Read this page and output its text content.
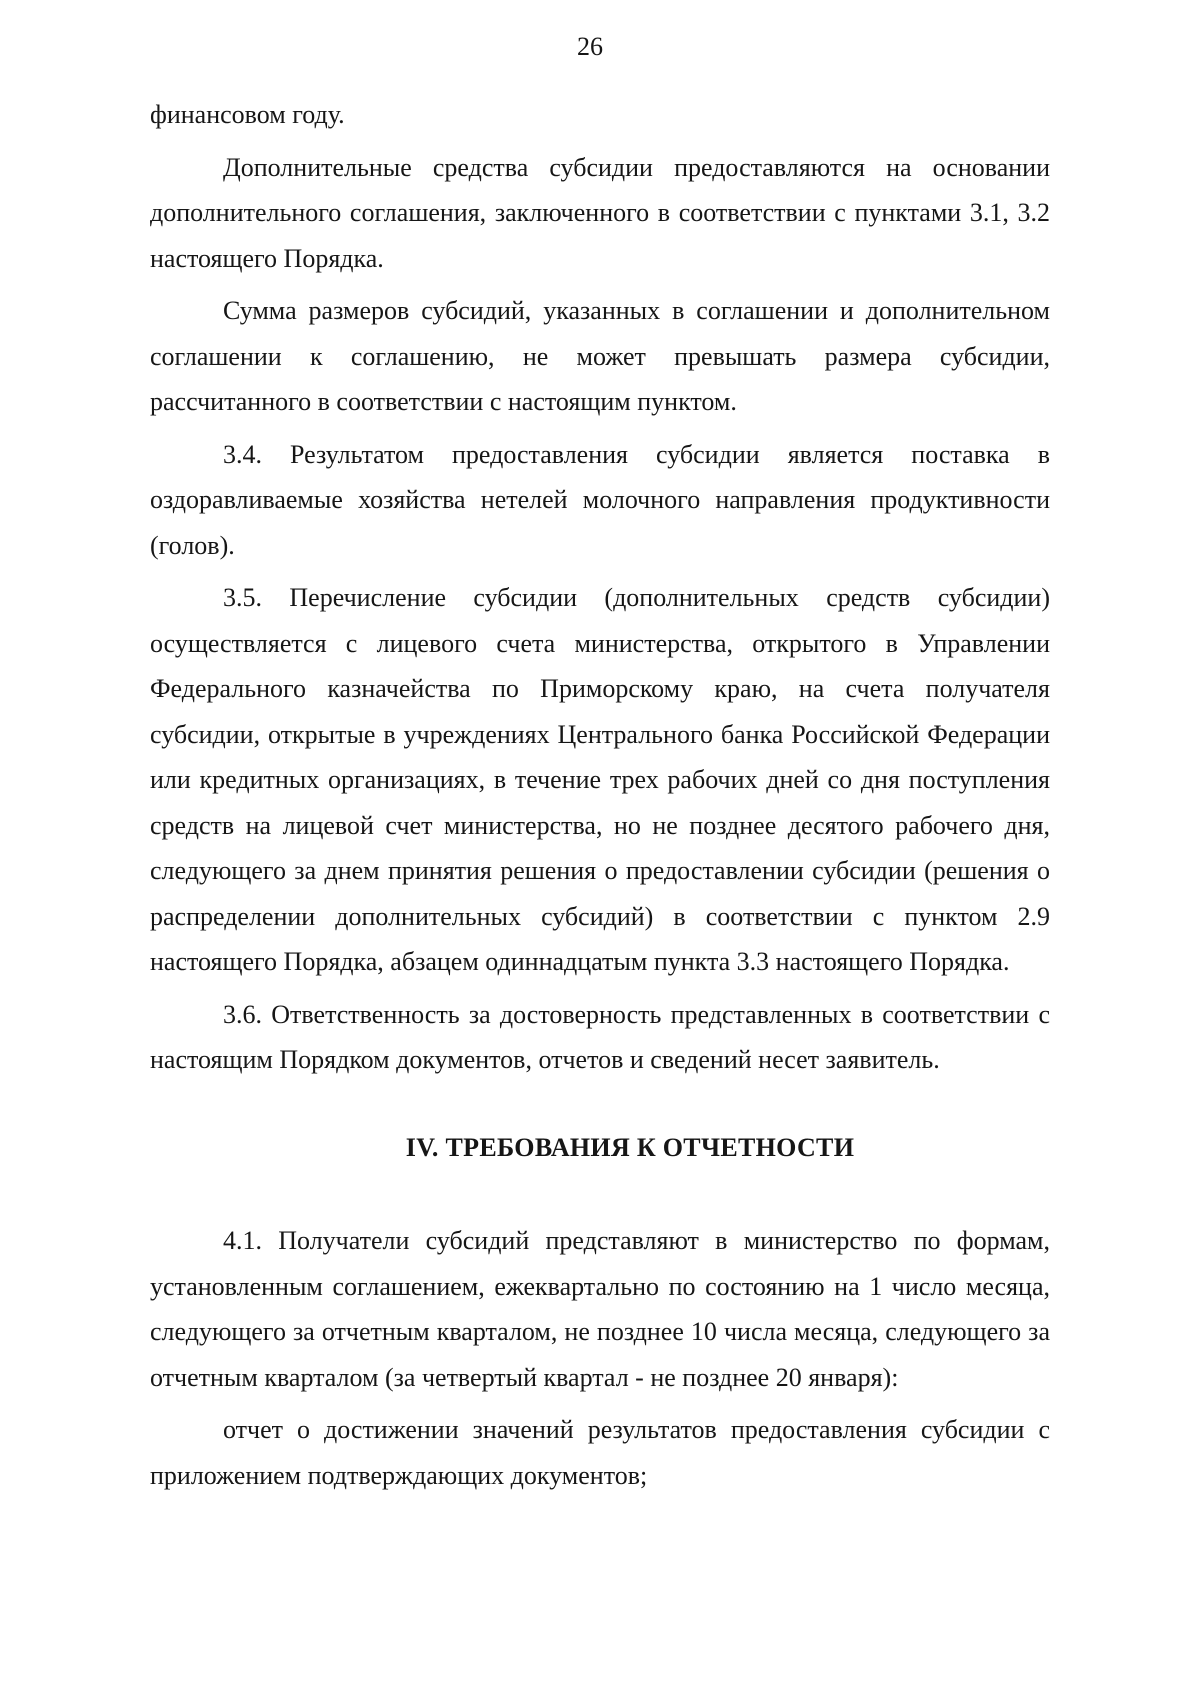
26

финансовом году.

Дополнительные средства субсидии предоставляются на основании дополнительного соглашения, заключенного в соответствии с пунктами 3.1, 3.2 настоящего Порядка.

Сумма размеров субсидий, указанных в соглашении и дополнительном соглашении к соглашению, не может превышать размера субсидии, рассчитанного в соответствии с настоящим пунктом.

3.4. Результатом предоставления субсидии является поставка в оздоравливаемые хозяйства нетелей молочного направления продуктивности (голов).

3.5. Перечисление субсидии (дополнительных средств субсидии) осуществляется с лицевого счета министерства, открытого в Управлении Федерального казначейства по Приморскому краю, на счета получателя субсидии, открытые в учреждениях Центрального банка Российской Федерации или кредитных организациях, в течение трех рабочих дней со дня поступления средств на лицевой счет министерства, но не позднее десятого рабочего дня, следующего за днем принятия решения о предоставлении субсидии (решения о распределении дополнительных субсидий) в соответствии с пунктом 2.9 настоящего Порядка, абзацем одиннадцатым пункта 3.3 настоящего Порядка.

3.6. Ответственность за достоверность представленных в соответствии с настоящим Порядком документов, отчетов и сведений несет заявитель.

IV. ТРЕБОВАНИЯ К ОТЧЕТНОСТИ

4.1. Получатели субсидий представляют в министерство по формам, установленным соглашением, ежеквартально по состоянию на 1 число месяца, следующего за отчетным кварталом, не позднее 10 числа месяца, следующего за отчетным кварталом (за четвертый квартал - не позднее 20 января):

отчет о достижении значений результатов предоставления субсидии с приложением подтверждающих документов;
